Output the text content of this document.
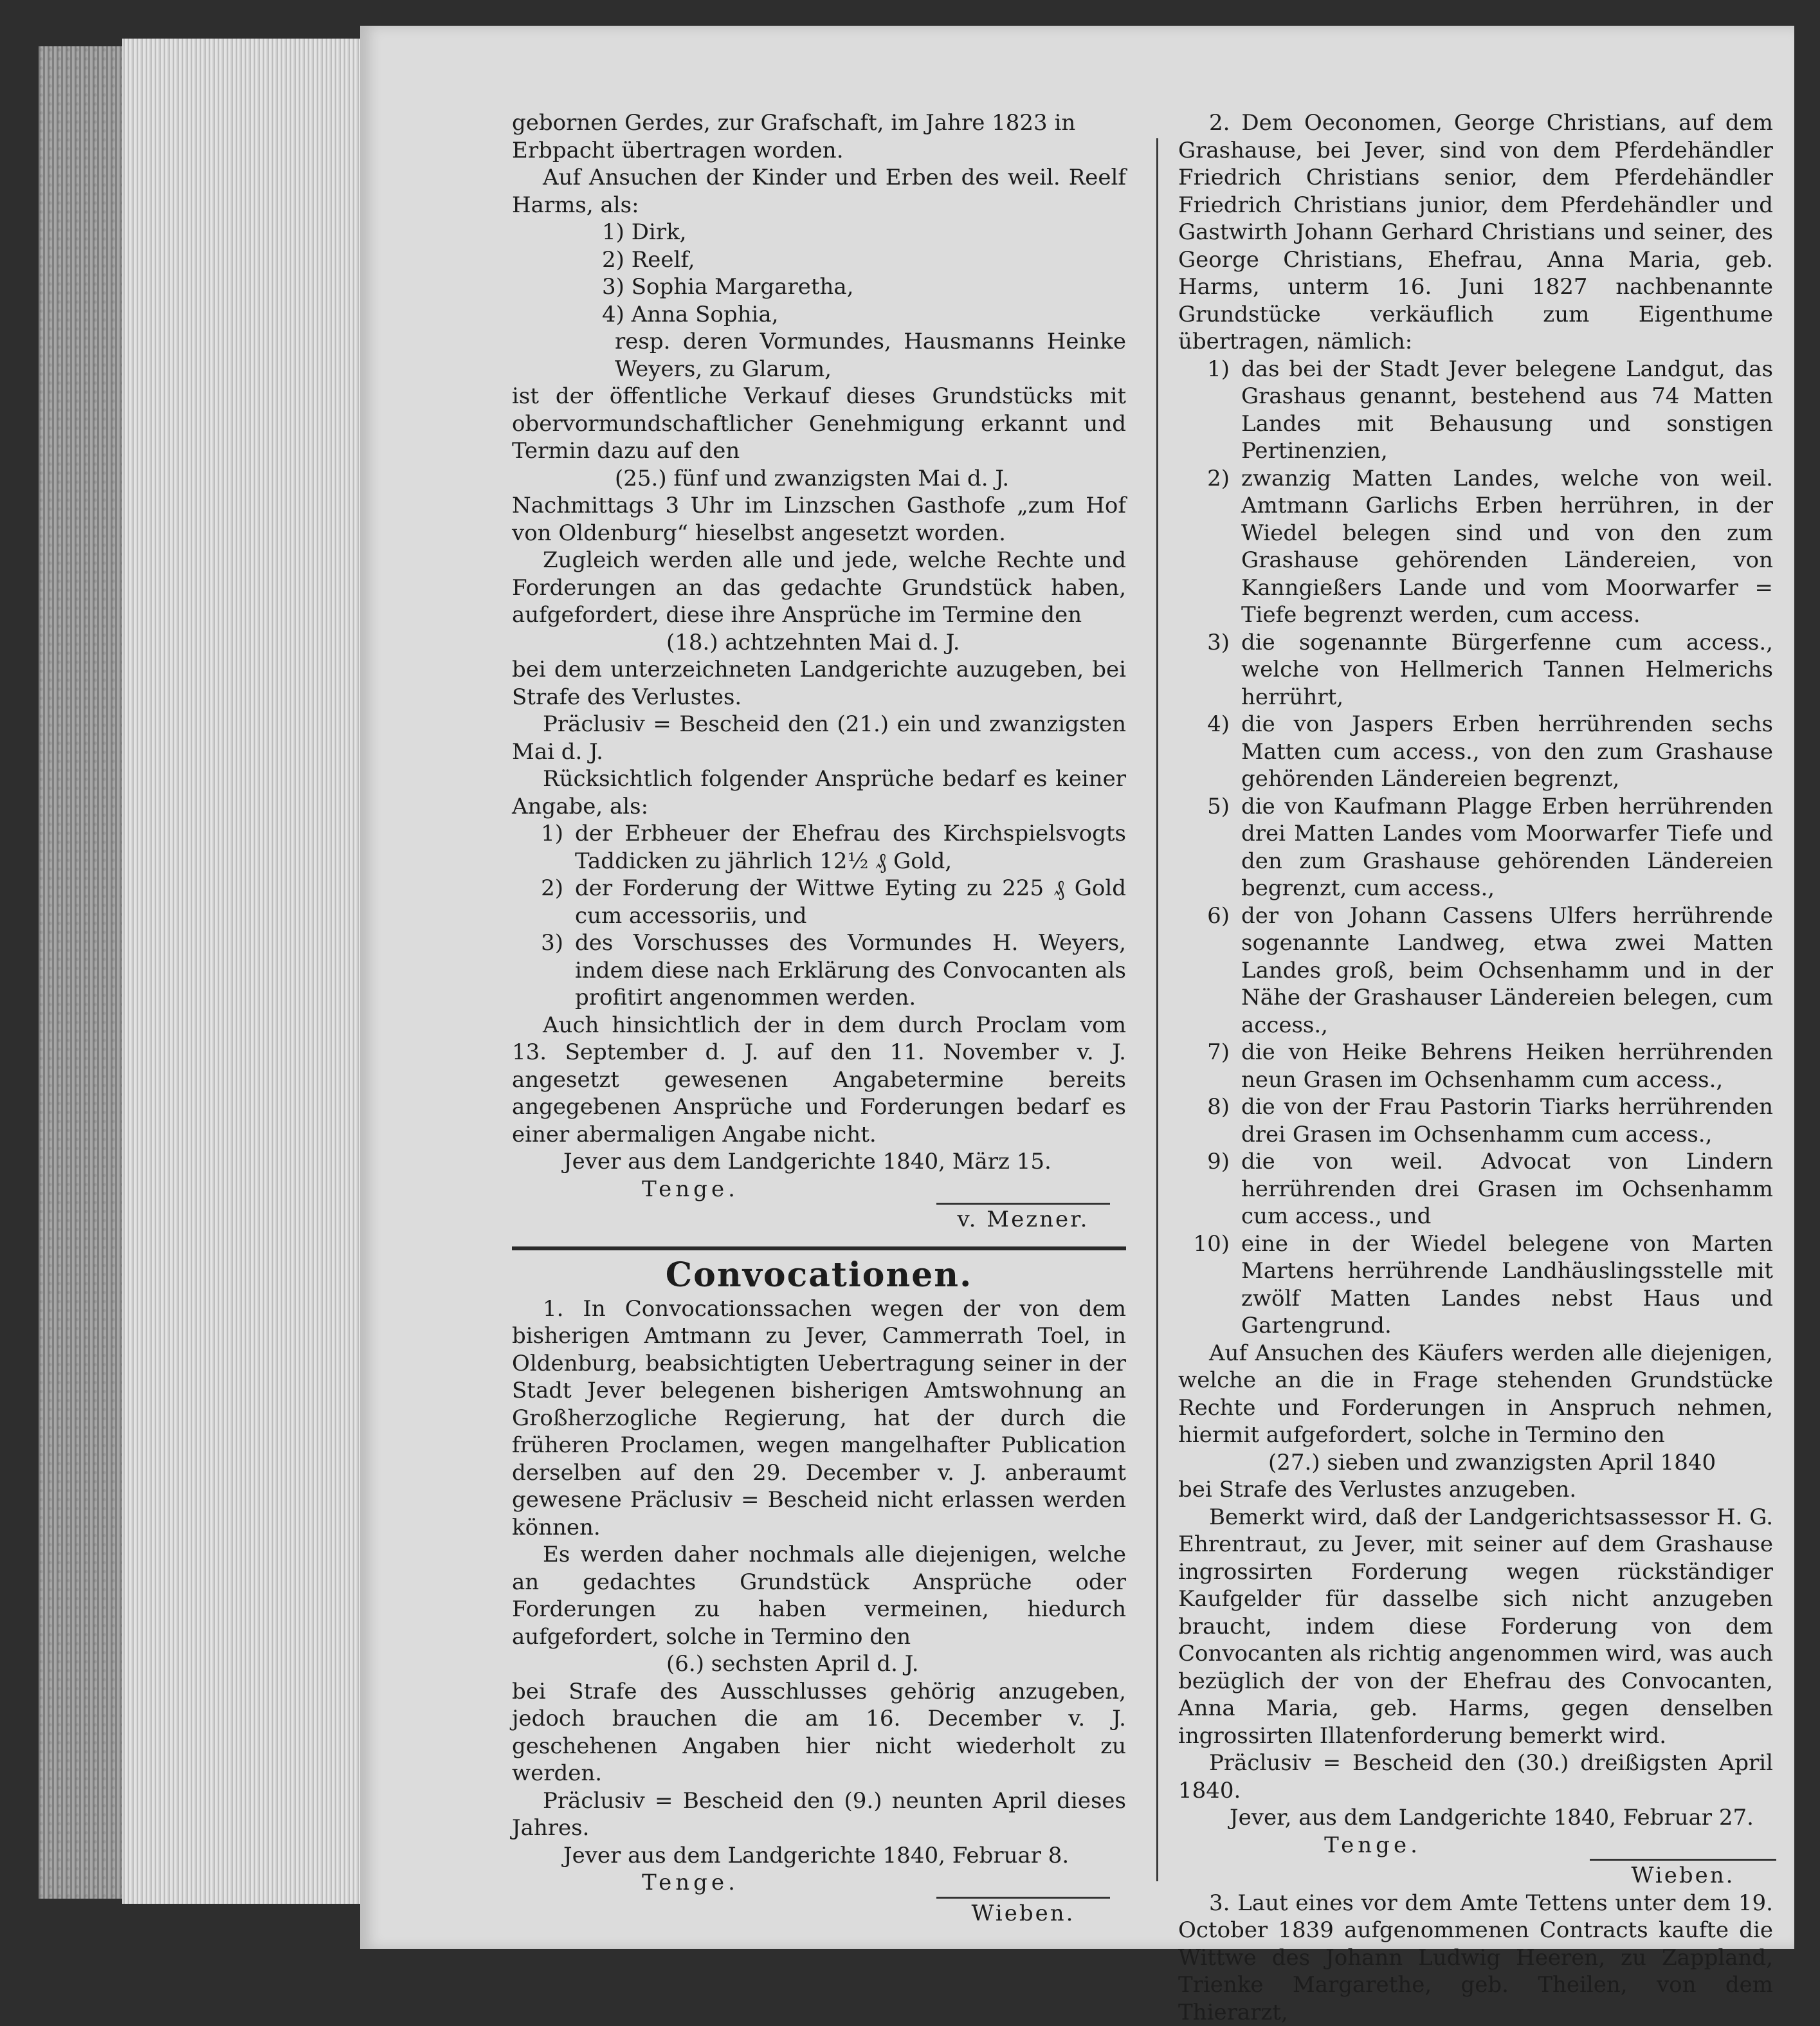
gebornen Gerdes, zur Grafschaft, im Jahre 1823 in

Erbpacht übertragen worden.

Auf Ansuchen der Kinder und Erben des weil. Reelf Harms, als:

1) Dirk,

2) Reelf,

3) Sophia Margaretha,

4) Anna Sophia,

resp. deren Vormundes, Hausmanns Heinke Weyers, zu Glarum,

ist der öffentliche Verkauf dieses Grundstücks mit obervormundschaftlicher Genehmigung erkannt und Termin dazu auf den

(25.) fünf und zwanzigsten Mai d. J.

Nachmittags 3 Uhr im Linzschen Gasthofe „zum Hof von Oldenburg“ hieselbst angesetzt worden.

Zugleich werden alle und jede, welche Rechte und Forderungen an das gedachte Grundstück haben, aufgefordert, diese ihre Ansprüche im Termine den

(18.) achtzehnten Mai d. J.

bei dem unterzeichneten Landgerichte auzugeben, bei Strafe des Verlustes.

Präclusiv = Bescheid den (21.) ein und zwanzigsten Mai d. J.

Rücksichtlich folgender Ansprüche bedarf es keiner Angabe, als:

1) der Erbheuer der Ehefrau des Kirchspielsvogts Taddicken zu jährlich 12½ ₰ Gold,
2) der Forderung der Wittwe Eyting zu 225 ₰ Gold cum accessoriis, und
3) des Vorschusses des Vormundes H. Weyers, indem diese nach Erklärung des Convocanten als profitirt angenommen werden.

Auch hinsichtlich der in dem durch Proclam vom 13. September d. J. auf den 11. November v. J. angesetzt gewesenen Angabetermine bereits angegebenen Ansprüche und Forderungen bedarf es einer abermaligen Angabe nicht.

Jever aus dem Landgerichte 1840, März 15.

Tenge.

v. Mezner.

Convocationen.

1. In Convocationssachen wegen der von dem bisherigen Amtmann zu Jever, Cammerrath Toel, in Oldenburg, beabsichtigten Uebertragung seiner in der Stadt Jever belegenen bisherigen Amtswohnung an Großherzogliche Regierung, hat der durch die früheren Proclamen, wegen mangelhafter Publication derselben auf den 29. December v. J. anberaumt gewesene Präclusiv = Bescheid nicht erlassen werden können.

Es werden daher nochmals alle diejenigen, welche an gedachtes Grundstück Ansprüche oder Forderungen zu haben vermeinen, hiedurch aufgefordert, solche in Termino den

(6.) sechsten April d. J.

bei Strafe des Ausschlusses gehörig anzugeben, jedoch brauchen die am 16. December v. J. geschehenen Angaben hier nicht wiederholt zu werden.

Präclusiv = Bescheid den (9.) neunten April dieses Jahres.

Jever aus dem Landgerichte 1840, Februar 8.

Tenge.

Wieben.

2. Dem Oeconomen, George Christians, auf dem Grashause, bei Jever, sind von dem Pferdehändler Friedrich Christians senior, dem Pferdehändler Friedrich Christians junior, dem Pferdehändler und Gastwirth Johann Gerhard Christians und seiner, des George Christians, Ehefrau, Anna Maria, geb. Harms, unterm 16. Juni 1827 nachbenannte Grundstücke verkäuflich zum Eigenthume übertragen, nämlich:

1) das bei der Stadt Jever belegene Landgut, das Grashaus genannt, bestehend aus 74 Matten Landes mit Behausung und sonstigen Pertinenzien,
2) zwanzig Matten Landes, welche von weil. Amtmann Garlichs Erben herrühren, in der Wiedel belegen sind und von den zum Grashause gehörenden Ländereien, von Kanngießers Lande und vom Moorwarfer = Tiefe begrenzt werden, cum access.
3) die sogenannte Bürgerfenne cum access., welche von Hellmerich Tannen Helmerichs herrührt,
4) die von Jaspers Erben herrührenden sechs Matten cum access., von den zum Grashause gehörenden Ländereien begrenzt,
5) die von Kaufmann Plagge Erben herrührenden drei Matten Landes vom Moorwarfer Tiefe und den zum Grashause gehörenden Ländereien begrenzt, cum access.,
6) der von Johann Cassens Ulfers herrührende sogenannte Landweg, etwa zwei Matten Landes groß, beim Ochsenhamm und in der Nähe der Grashauser Ländereien belegen, cum access.,
7) die von Heike Behrens Heiken herrührenden neun Grasen im Ochsenhamm cum access.,
8) die von der Frau Pastorin Tiarks herrührenden drei Grasen im Ochsenhamm cum access.,
9) die von weil. Advocat von Lindern herrührenden drei Grasen im Ochsenhamm cum access., und
10) eine in der Wiedel belegene von Marten Martens herrührende Landhäuslingsstelle mit zwölf Matten Landes nebst Haus und Gartengrund.

Auf Ansuchen des Käufers werden alle diejenigen, welche an die in Frage stehenden Grundstücke Rechte und Forderungen in Anspruch nehmen, hiermit aufgefordert, solche in Termino den

(27.) sieben und zwanzigsten April 1840

bei Strafe des Verlustes anzugeben.

Bemerkt wird, daß der Landgerichtsassessor H. G. Ehrentraut, zu Jever, mit seiner auf dem Grashause ingrossirten Forderung wegen rückständiger Kaufgelder für dasselbe sich nicht anzugeben braucht, indem diese Forderung von dem Convocanten als richtig angenommen wird, was auch bezüglich der von der Ehefrau des Convocanten, Anna Maria, geb. Harms, gegen denselben ingrossirten Illatenforderung bemerkt wird.

Präclusiv = Bescheid den (30.) dreißigsten April 1840.

Jever, aus dem Landgerichte 1840, Februar 27.

Tenge.

Wieben.

3. Laut eines vor dem Amte Tettens unter dem 19. October 1839 aufgenommenen Contracts kaufte die Wittwe des Johann Ludwig Heeren, zu Zappland, Trienke Margarethe, geb. Theilen, von dem Thierarzt,
